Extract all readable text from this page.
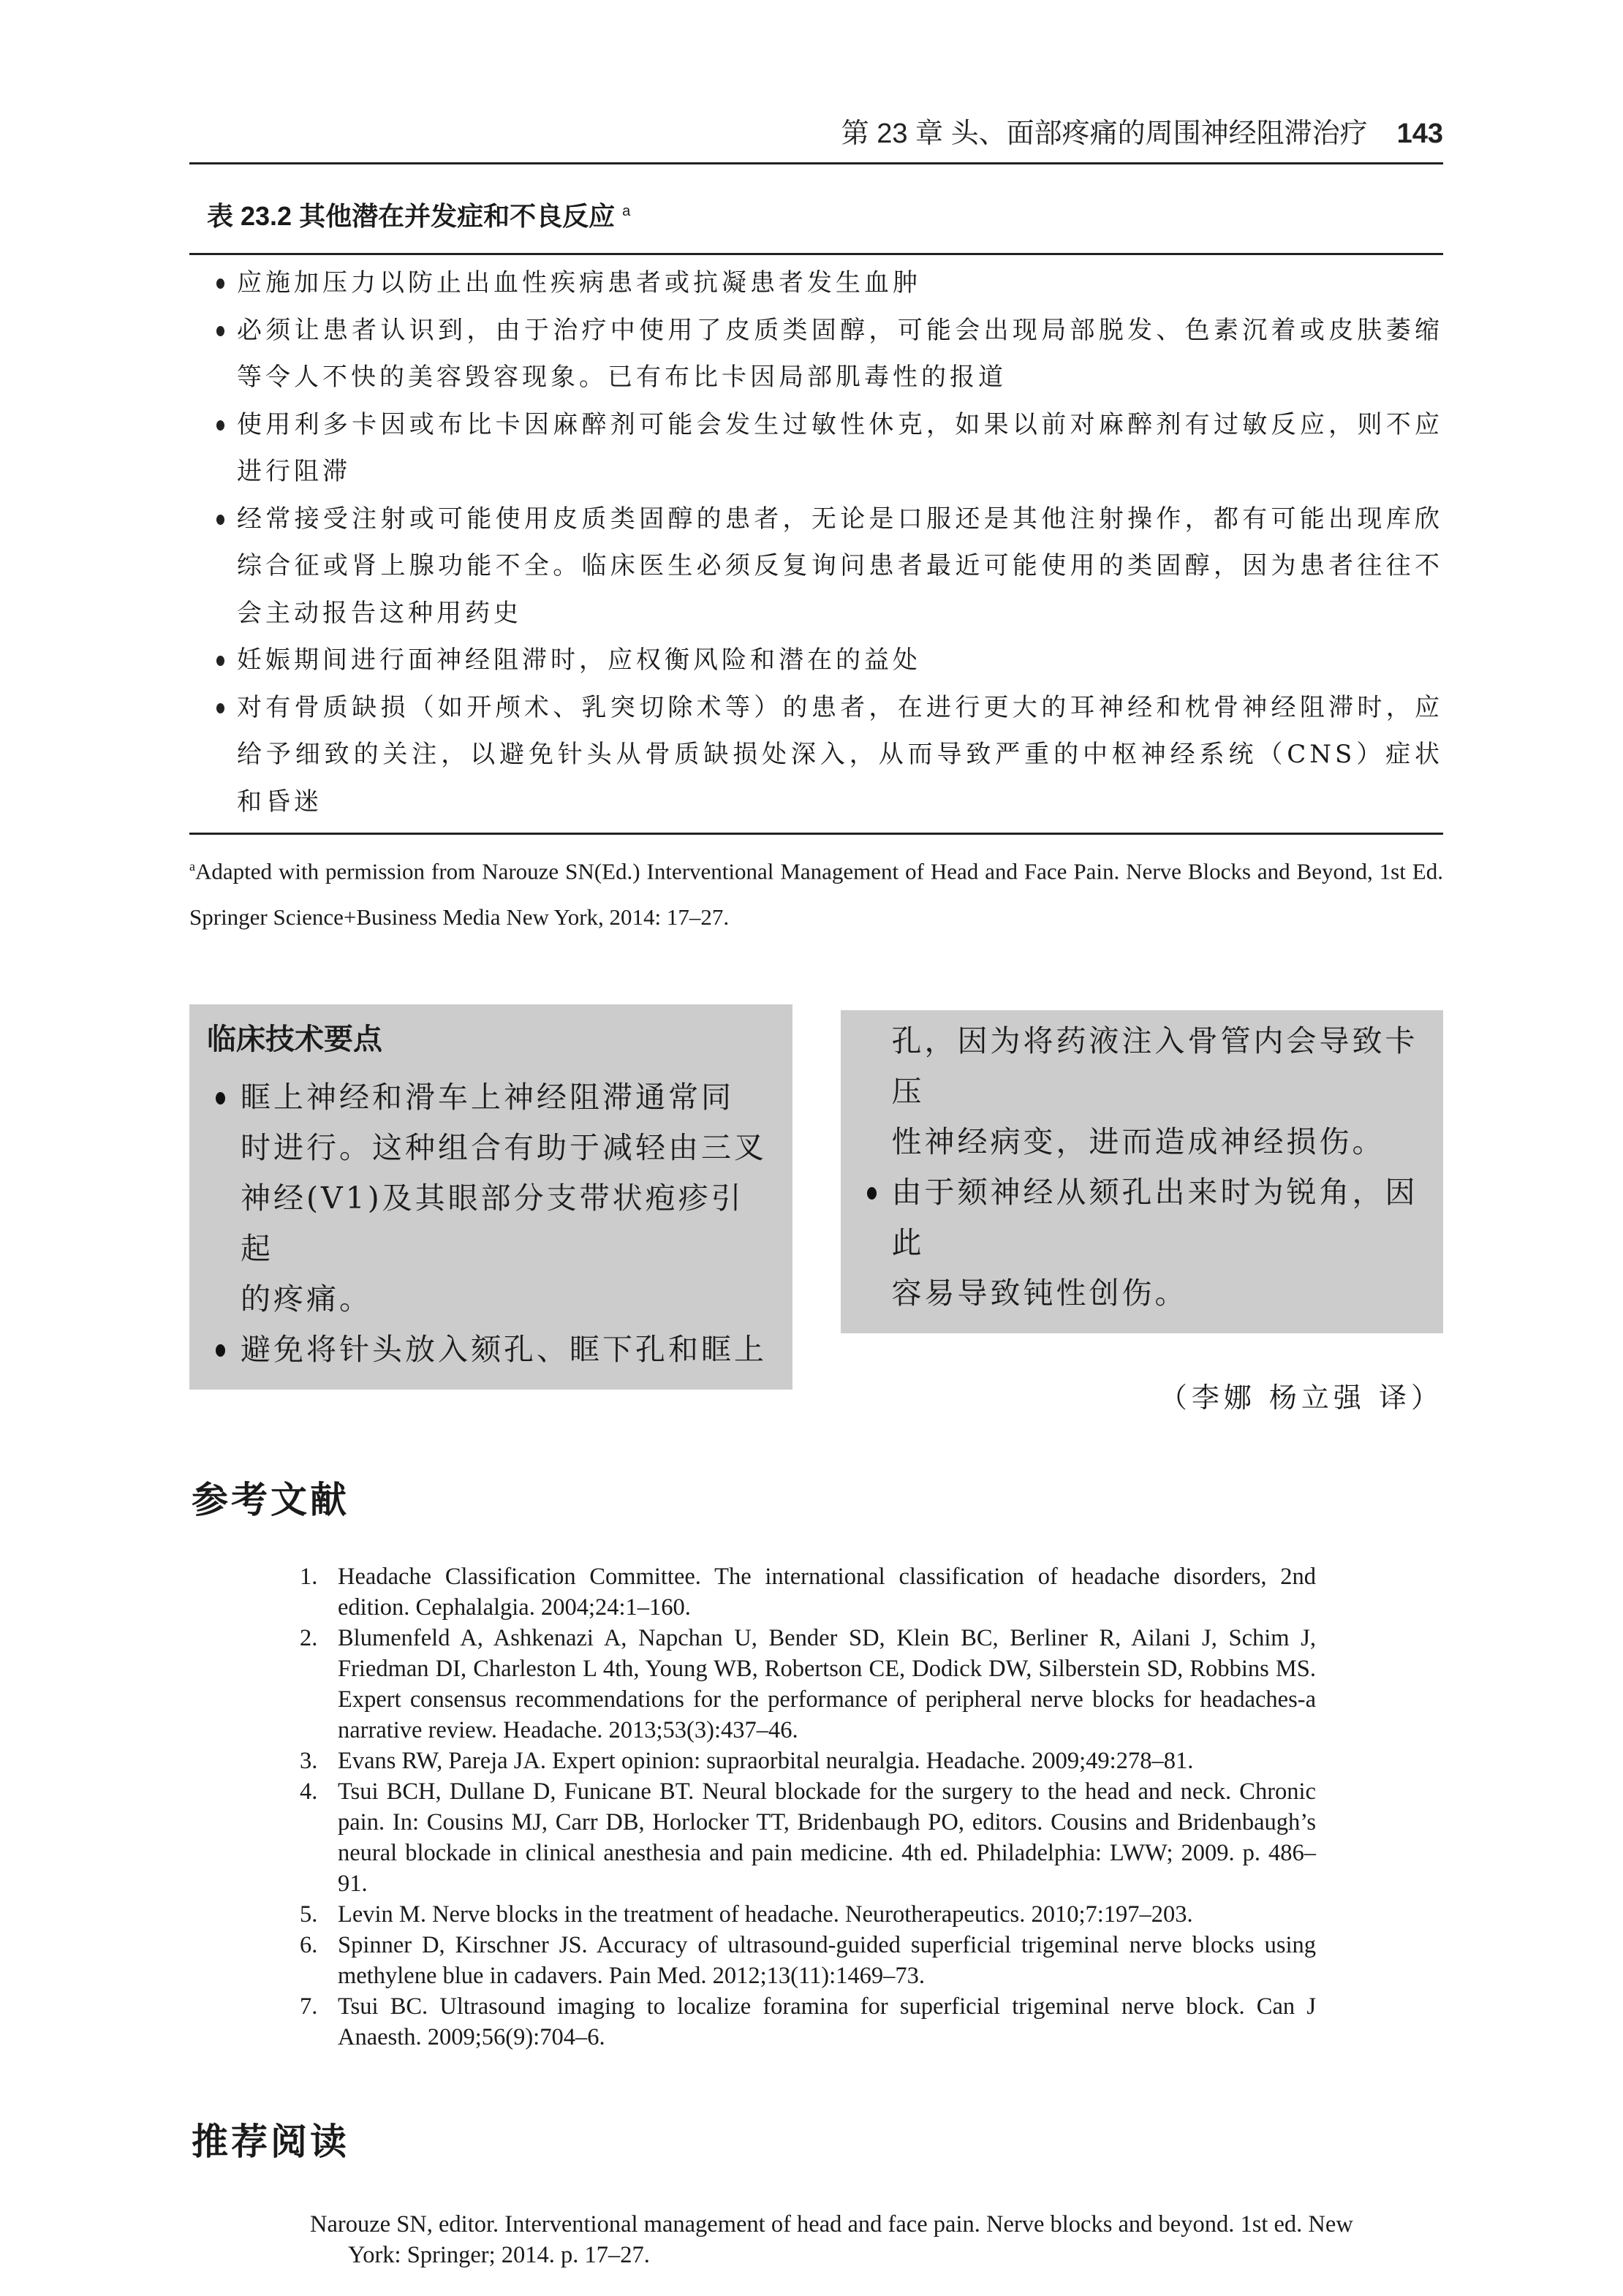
第 23 章 头、面部疼痛的周围神经阻滞治疗 143
表 23.2 其他潜在并发症和不良反应 $^a$
应施加压力以防止出血性疾病患者或抗凝患者发生血肿
必须让患者认识到，由于治疗中使用了皮质类固醇，可能会出现局部脱发、色素沉着或皮肤萎缩等令人不快的美容毁容现象。已有布比卡因局部肌毒性的报道
使用利多卡因或布比卡因麻醉剂可能会发生过敏性休克，如果以前对麻醉剂有过敏反应，则不应进行阻滞
经常接受注射或可能使用皮质类固醇的患者，无论是口服还是其他注射操作，都有可能出现库欣综合征或肾上腺功能不全。临床医生必须反复询问患者最近可能使用的类固醇，因为患者往往不会主动报告这种用药史
妊娠期间进行面神经阻滞时，应权衡风险和潜在的益处
对有骨质缺损（如开颅术、乳突切除术等）的患者，在进行更大的耳神经和枕骨神经阻滞时，应给予细致的关注，以避免针头从骨质缺损处深入，从而导致严重的中枢神经系统（CNS）症状和昏迷
$^a$Adapted with permission from Narouze SN(Ed.) Interventional Management of Head and Face Pain. Nerve Blocks and Beyond, 1st Ed. Springer Science+Business Media New York, 2014: 17–27.
临床技术要点
眶上神经和滑车上神经阻滞通常同
时进行。这种组合有助于减轻由三叉
神经(V1)及其眼部分支带状疱疹引起
的疼痛。
避免将针头放入颏孔、眶下孔和眶上
孔，因为将药液注入骨管内会导致卡压
性神经病变，进而造成神经损伤。
由于颏神经从颏孔出来时为锐角，因此
容易导致钝性创伤。
（李娜 杨立强 译）
参考文献
1. Headache Classification Committee. The international classification of headache disorders, 2nd edition. Cephalalgia. 2004;24:1–160.
2. Blumenfeld A, Ashkenazi A, Napchan U, Bender SD, Klein BC, Berliner R, Ailani J, Schim J, Friedman DI, Charleston L 4th, Young WB, Robertson CE, Dodick DW, Silberstein SD, Robbins MS. Expert consensus recommendations for the performance of peripheral nerve blocks for headaches-a narrative review. Headache. 2013;53(3):437–46.
3. Evans RW, Pareja JA. Expert opinion: supraorbital neuralgia. Headache. 2009;49:278–81.
4. Tsui BCH, Dullane D, Funicane BT. Neural blockade for the surgery to the head and neck. Chronic pain. In: Cousins MJ, Carr DB, Horlocker TT, Bridenbaugh PO, editors. Cousins and Bridenbaugh’s neural blockade in clinical anesthesia and pain medicine. 4th ed. Philadelphia: LWW; 2009. p. 486–91.
5. Levin M. Nerve blocks in the treatment of headache. Neurotherapeutics. 2010;7:197–203.
6. Spinner D, Kirschner JS. Accuracy of ultrasound-guided superficial trigeminal nerve blocks using methylene blue in cadavers. Pain Med. 2012;13(11):1469–73.
7. Tsui BC. Ultrasound imaging to localize foramina for superficial trigeminal nerve block. Can J Anaesth. 2009;56(9):704–6.
推荐阅读
Narouze SN, editor. Interventional management of head and face pain. Nerve blocks and beyond. 1st ed. New York: Springer; 2014. p. 17–27.
